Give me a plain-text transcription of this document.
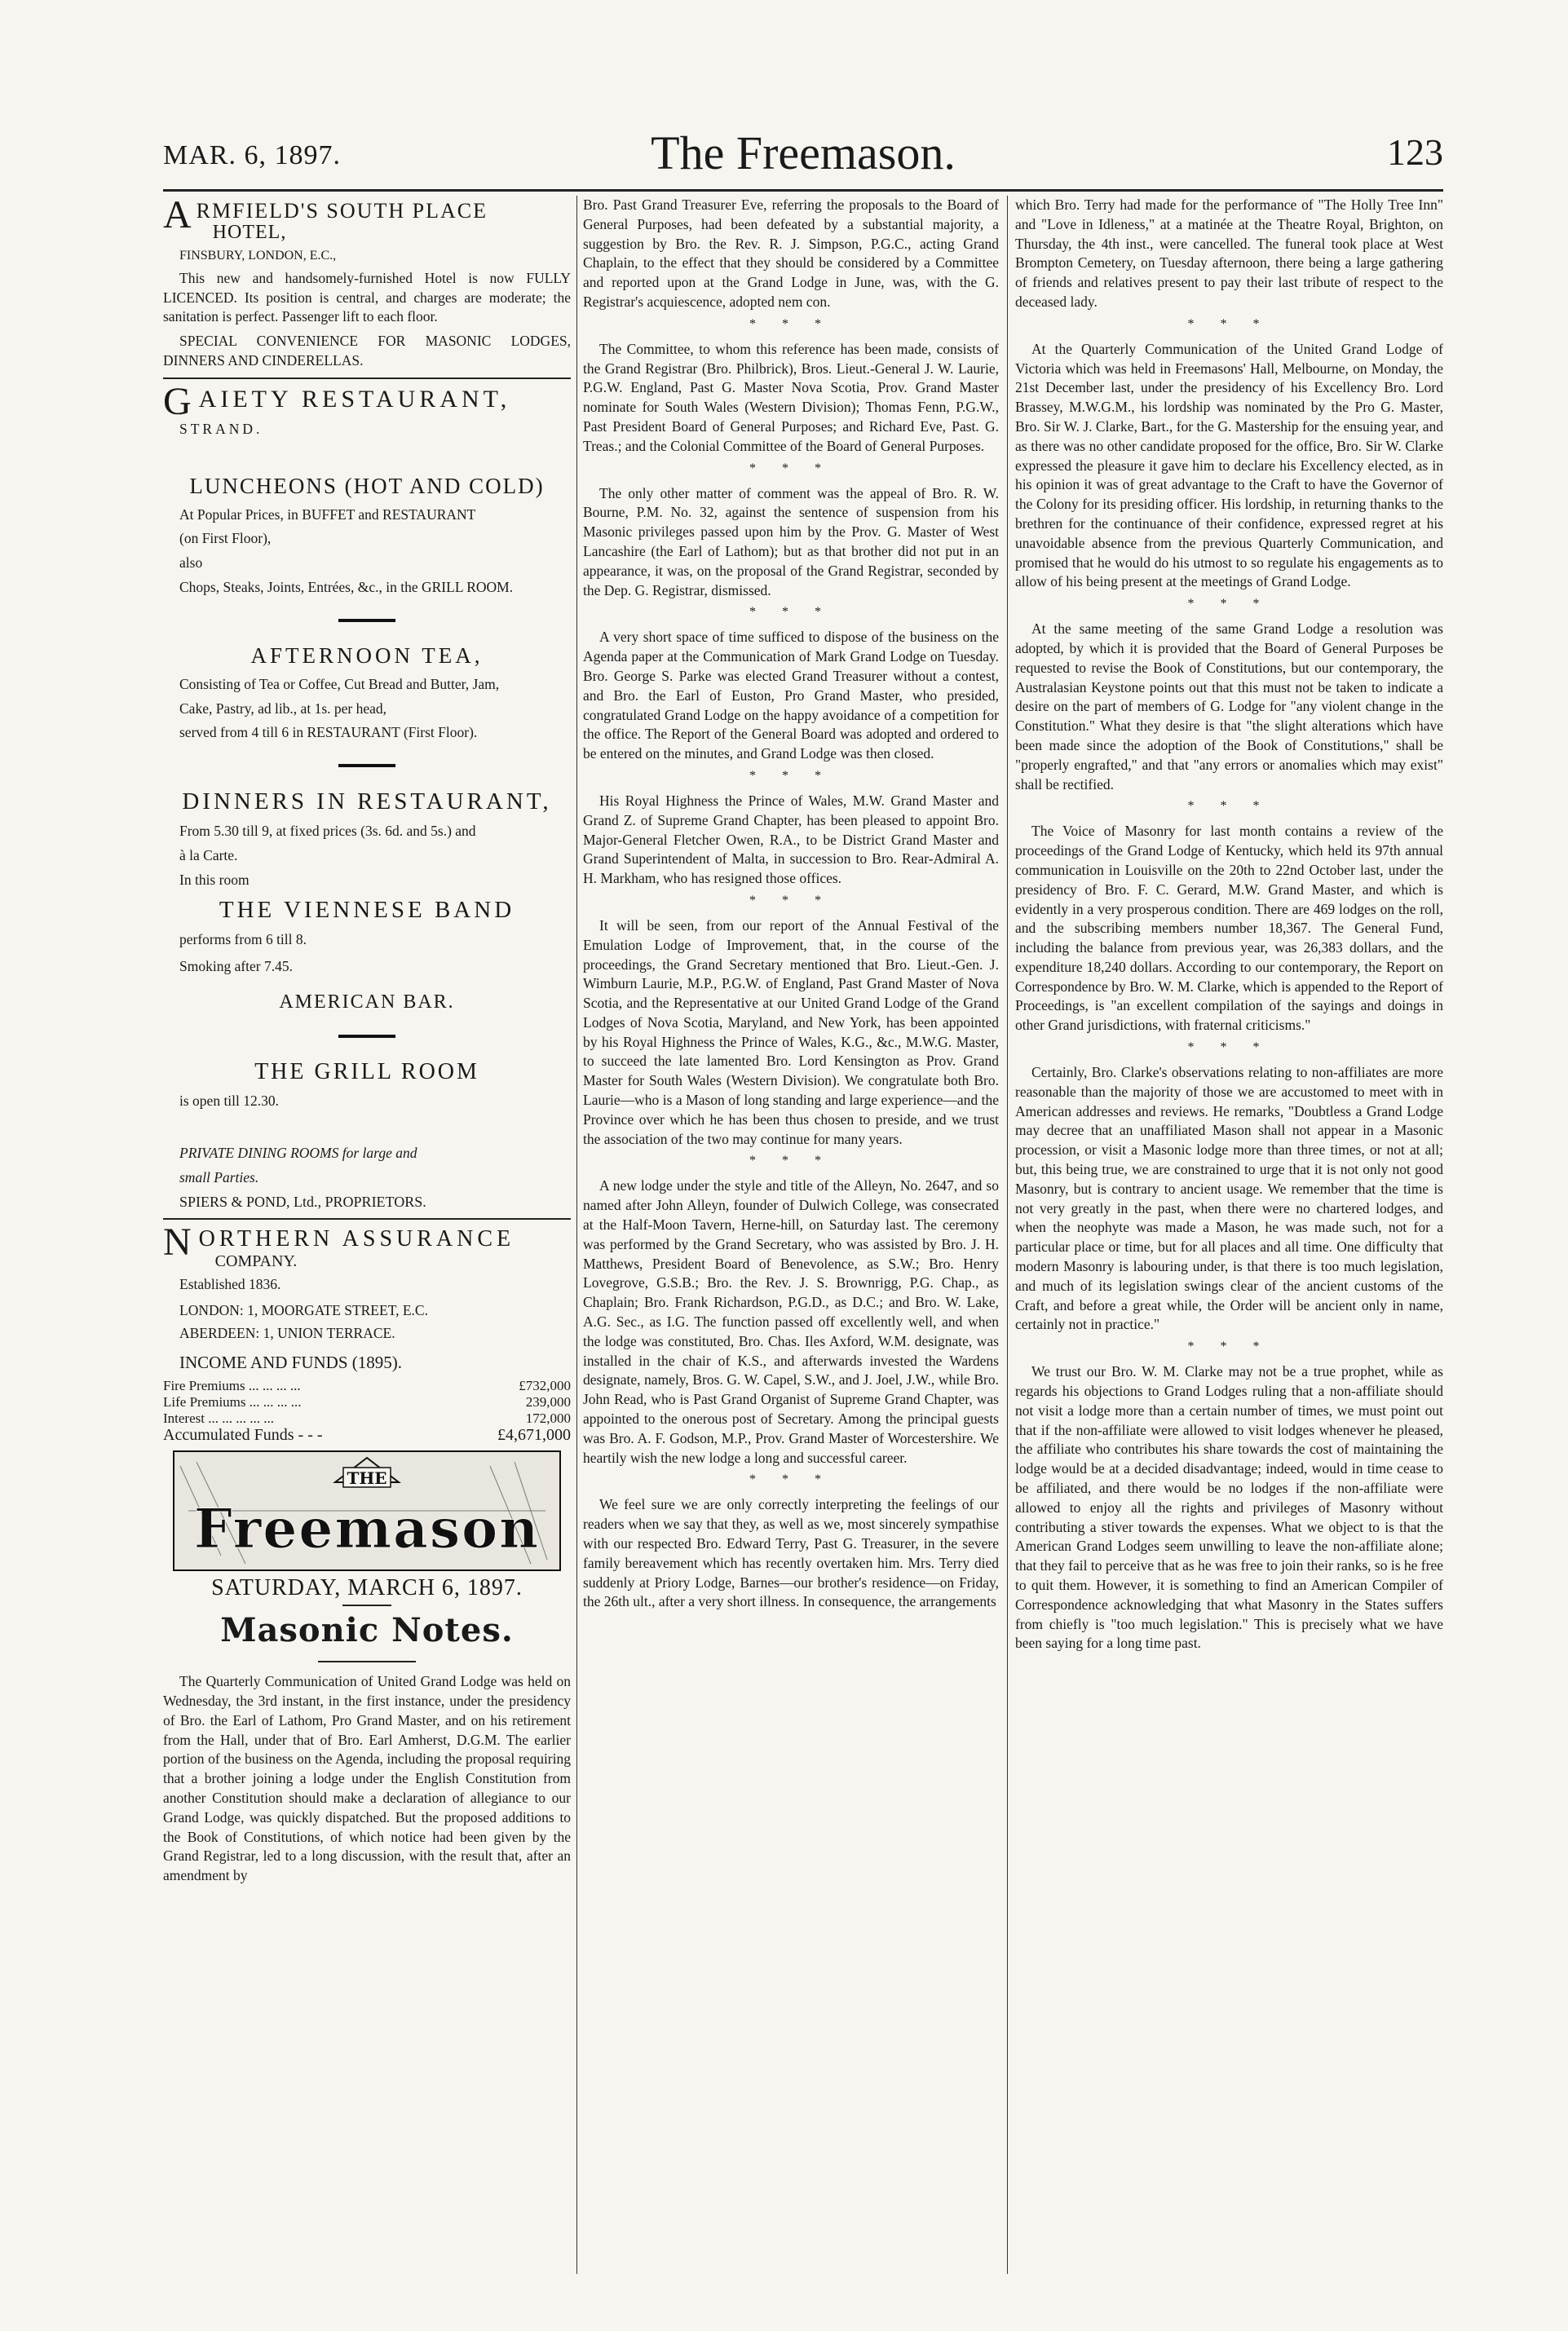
MAR. 6, 1897.	The Freemason.	123
A RMFIELD'S SOUTH PLACE

HOTEL,

FINSBURY, LONDON, E.C.,

This new and handsomely-furnished Hotel is now FULLY LICENCED. Its position is central, and charges are moderate; the sanitation is perfect. Passenger lift to each floor.

SPECIAL CONVENIENCE FOR MASONIC LODGES, DINNERS AND CINDERELLAS.

G AIETY RESTAURANT,

STRAND.

LUNCHEONS (HOT AND COLD)

At Popular Prices, in BUFFET and RESTAURANT

(on First Floor),

also

Chops, Steaks, Joints, Entrées, &c., in the GRILL ROOM.

AFTERNOON TEA,

Consisting of Tea or Coffee, Cut Bread and Butter, Jam,

Cake, Pastry, ad lib., at 1s. per head,

served from 4 till 6 in RESTAURANT (First Floor).

DINNERS IN RESTAURANT,

From 5.30 till 9, at fixed prices (3s. 6d. and 5s.) and

à la Carte.

In this room

THE VIENNESE BAND

performs from 6 till 8.

Smoking after 7.45.

AMERICAN BAR.
THE GRILL ROOM

is open till 12.30.

PRIVATE DINING ROOMS for large and

small Parties.

SPIERS & POND, Ltd., PROPRIETORS.

N ORTHERN ASSURANCE

COMPANY.

Established 1836.

LONDON: 1, MOORGATE STREET, E.C.

ABERDEEN: 1, UNION TERRACE.

INCOME AND FUNDS (1895).

Fire Premiums ... ... ... ...	£732,000
Life Premiums ... ... ... ...	239,000
Interest ... ... ... ... ...	172,000
Accumulated Funds - - -	£4,671,000
THE
Freemason
SATURDAY, MARCH 6, 1897.
Masonic Notes.

The Quarterly Communication of United Grand Lodge was held on Wednesday, the 3rd instant, in the first instance, under the presidency of Bro. the Earl of Lathom, Pro Grand Master, and on his retirement from the Hall, under that of Bro. Earl Amherst, D.G.M. The earlier portion of the business on the Agenda, including the proposal requiring that a brother joining a lodge under the English Constitution from another Constitution should make a declaration of allegiance to our Grand Lodge, was quickly dispatched. But the proposed additions to the Book of Constitutions, of which notice had been given by the Grand Registrar, led to a long discussion, with the result that, after an amendment by

Bro. Past Grand Treasurer Eve, referring the proposals to the Board of General Purposes, had been defeated by a substantial majority, a suggestion by Bro. the Rev. R. J. Simpson, P.G.C., acting Grand Chaplain, to the effect that they should be considered by a Committee and reported upon at the Grand Lodge in June, was, with the G. Registrar's acquiescence, adopted nem con.

* * *

The Committee, to whom this reference has been made, consists of the Grand Registrar (Bro. Philbrick), Bros. Lieut.-General J. W. Laurie, P.G.W. England, Past G. Master Nova Scotia, Prov. Grand Master nominate for South Wales (Western Division); Thomas Fenn, P.G.W., Past President Board of General Purposes; and Richard Eve, Past. G. Treas.; and the Colonial Committee of the Board of General Purposes.

* * *

The only other matter of comment was the appeal of Bro. R. W. Bourne, P.M. No. 32, against the sentence of suspension from his Masonic privileges passed upon him by the Prov. G. Master of West Lancashire (the Earl of Lathom); but as that brother did not put in an appearance, it was, on the proposal of the Grand Registrar, seconded by the Dep. G. Registrar, dismissed.

* * *

A very short space of time sufficed to dispose of the business on the Agenda paper at the Communication of Mark Grand Lodge on Tuesday. Bro. George S. Parke was elected Grand Treasurer without a contest, and Bro. the Earl of Euston, Pro Grand Master, who presided, congratulated Grand Lodge on the happy avoidance of a competition for the office. The Report of the General Board was adopted and ordered to be entered on the minutes, and Grand Lodge was then closed.

* * *

His Royal Highness the Prince of Wales, M.W. Grand Master and Grand Z. of Supreme Grand Chapter, has been pleased to appoint Bro. Major-General Fletcher Owen, R.A., to be District Grand Master and Grand Superintendent of Malta, in succession to Bro. Rear-Admiral A. H. Markham, who has resigned those offices.

* * *

It will be seen, from our report of the Annual Festival of the Emulation Lodge of Improvement, that, in the course of the proceedings, the Grand Secretary mentioned that Bro. Lieut.-Gen. J. Wimburn Laurie, M.P., P.G.W. of England, Past Grand Master of Nova Scotia, and the Representative at our United Grand Lodge of the Grand Lodges of Nova Scotia, Maryland, and New York, has been appointed by his Royal Highness the Prince of Wales, K.G., &c., M.W.G. Master, to succeed the late lamented Bro. Lord Kensington as Prov. Grand Master for South Wales (Western Division). We congratulate both Bro. Laurie—who is a Mason of long standing and large experience—and the Province over which he has been thus chosen to preside, and we trust the association of the two may continue for many years.

* * *

A new lodge under the style and title of the Alleyn, No. 2647, and so named after John Alleyn, founder of Dulwich College, was consecrated at the Half-Moon Tavern, Herne-hill, on Saturday last. The ceremony was performed by the Grand Secretary, who was assisted by Bro. J. H. Matthews, President Board of Benevolence, as S.W.; Bro. Henry Lovegrove, G.S.B.; Bro. the Rev. J. S. Brownrigg, P.G. Chap., as Chaplain; Bro. Frank Richardson, P.G.D., as D.C.; and Bro. W. Lake, A.G. Sec., as I.G. The function passed off excellently well, and when the lodge was constituted, Bro. Chas. Iles Axford, W.M. designate, was installed in the chair of K.S., and afterwards invested the Wardens designate, namely, Bros. G. W. Capel, S.W., and J. Joel, J.W., while Bro. John Read, who is Past Grand Organist of Supreme Grand Chapter, was appointed to the onerous post of Secretary. Among the principal guests was Bro. A. F. Godson, M.P., Prov. Grand Master of Worcestershire. We heartily wish the new lodge a long and successful career.

* * *

We feel sure we are only correctly interpreting the feelings of our readers when we say that they, as well as we, most sincerely sympathise with our respected Bro. Edward Terry, Past G. Treasurer, in the severe family bereavement which has recently overtaken him. Mrs. Terry died suddenly at Priory Lodge, Barnes—our brother's residence—on Friday, the 26th ult., after a very short illness. In consequence, the arrangements

which Bro. Terry had made for the performance of "The Holly Tree Inn" and "Love in Idleness," at a matinée at the Theatre Royal, Brighton, on Thursday, the 4th inst., were cancelled. The funeral took place at West Brompton Cemetery, on Tuesday afternoon, there being a large gathering of friends and relatives present to pay their last tribute of respect to the deceased lady.

* * *

At the Quarterly Communication of the United Grand Lodge of Victoria which was held in Freemasons' Hall, Melbourne, on Monday, the 21st December last, under the presidency of his Excellency Bro. Lord Brassey, M.W.G.M., his lordship was nominated by the Pro G. Master, Bro. Sir W. J. Clarke, Bart., for the G. Mastership for the ensuing year, and as there was no other candidate proposed for the office, Bro. Sir W. Clarke expressed the pleasure it gave him to declare his Excellency elected, as in his opinion it was of great advantage to the Craft to have the Governor of the Colony for its presiding officer. His lordship, in returning thanks to the brethren for the continuance of their confidence, expressed regret at his unavoidable absence from the previous Quarterly Communication, and promised that he would do his utmost to so regulate his engagements as to allow of his being present at the meetings of Grand Lodge.

* * *

At the same meeting of the same Grand Lodge a resolution was adopted, by which it is provided that the Board of General Purposes be requested to revise the Book of Constitutions, but our contemporary, the Australasian Keystone points out that this must not be taken to indicate a desire on the part of members of G. Lodge for "any violent change in the Constitution." What they desire is that "the slight alterations which have been made since the adoption of the Book of Constitutions," shall be "properly engrafted," and that "any errors or anomalies which may exist" shall be rectified.

* * *

The Voice of Masonry for last month contains a review of the proceedings of the Grand Lodge of Kentucky, which held its 97th annual communication in Louisville on the 20th to 22nd October last, under the presidency of Bro. F. C. Gerard, M.W. Grand Master, and which is evidently in a very prosperous condition. There are 469 lodges on the roll, and the subscribing members number 18,367. The General Fund, including the balance from previous year, was 26,383 dollars, and the expenditure 18,240 dollars. According to our contemporary, the Report on Correspondence by Bro. W. M. Clarke, which is appended to the Report of Proceedings, is "an excellent compilation of the sayings and doings in other Grand jurisdictions, with fraternal criticisms."

* * *

Certainly, Bro. Clarke's observations relating to non-affiliates are more reasonable than the majority of those we are accustomed to meet with in American addresses and reviews. He remarks, "Doubtless a Grand Lodge may decree that an unaffiliated Mason shall not appear in a Masonic procession, or visit a Masonic lodge more than three times, or not at all; but, this being true, we are constrained to urge that it is not only not good Masonry, but is contrary to ancient usage. We remember that the time is not very greatly in the past, when there were no chartered lodges, and when the neophyte was made a Mason, he was made such, not for a particular place or time, but for all places and all time. One difficulty that modern Masonry is labouring under, is that there is too much legislation, and much of its legislation swings clear of the ancient customs of the Craft, and before a great while, the Order will be ancient only in name, certainly not in practice."

* * *

We trust our Bro. W. M. Clarke may not be a true prophet, while as regards his objections to Grand Lodges ruling that a non-affiliate should not visit a lodge more than a certain number of times, we must point out that if the non-affiliate were allowed to visit lodges whenever he pleased, the affiliate who contributes his share towards the cost of maintaining the lodge would be at a decided disadvantage; indeed, would in time cease to be affiliated, and there would be no lodges if the non-affiliate were allowed to enjoy all the rights and privileges of Masonry without contributing a stiver towards the expenses. What we object to is that the American Grand Lodges seem unwilling to leave the non-affiliate alone; that they fail to perceive that as he was free to join their ranks, so is he free to quit them. However, it is something to find an American Compiler of Correspondence acknowledging that what Masonry in the States suffers from chiefly is "too much legislation." This is precisely what we have been saying for a long time past.
